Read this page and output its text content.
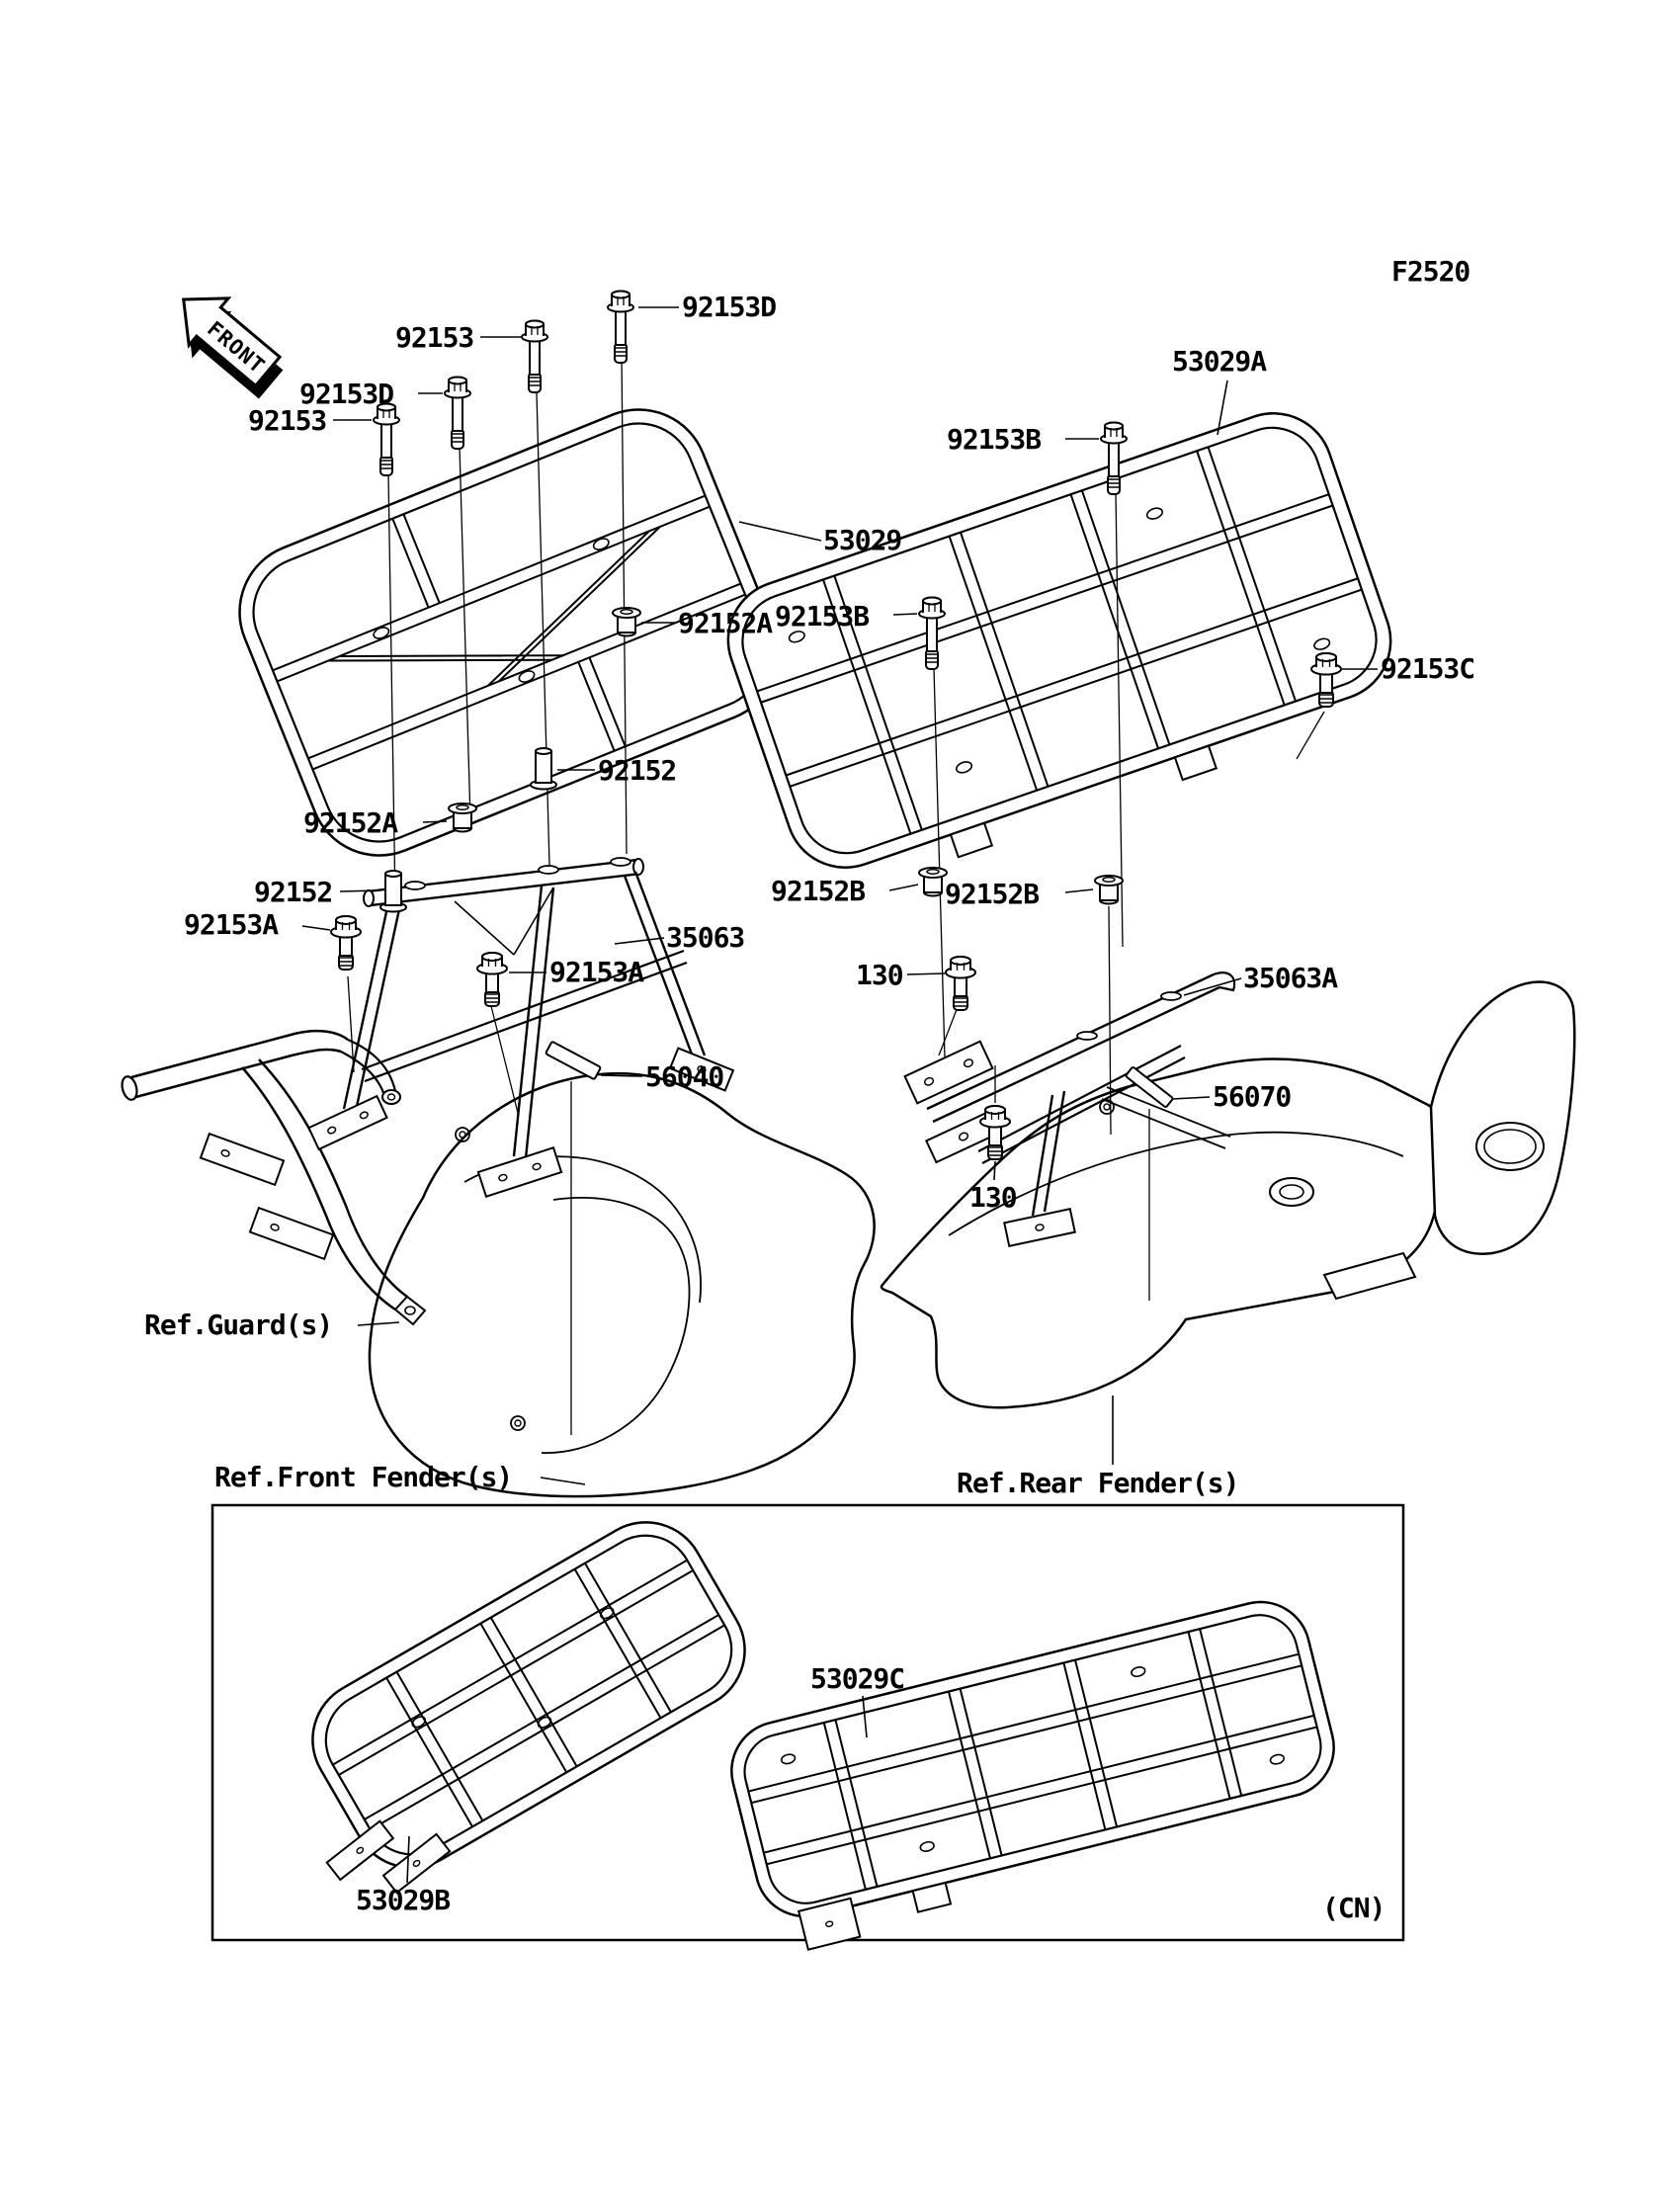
FRONT
92153D
92153
92153D
92153
53029
53029A
92153B
92153B
92153C
92152A
92152
92152A
92152
35063
92153A
92153A
92152B	92152B
130	35063A
56040
56070
130
53029B
53029C
Ref.Guard(s)
Ref.Front Fender(s)	Ref.Rear Fender(s)
F2520
(CN)
